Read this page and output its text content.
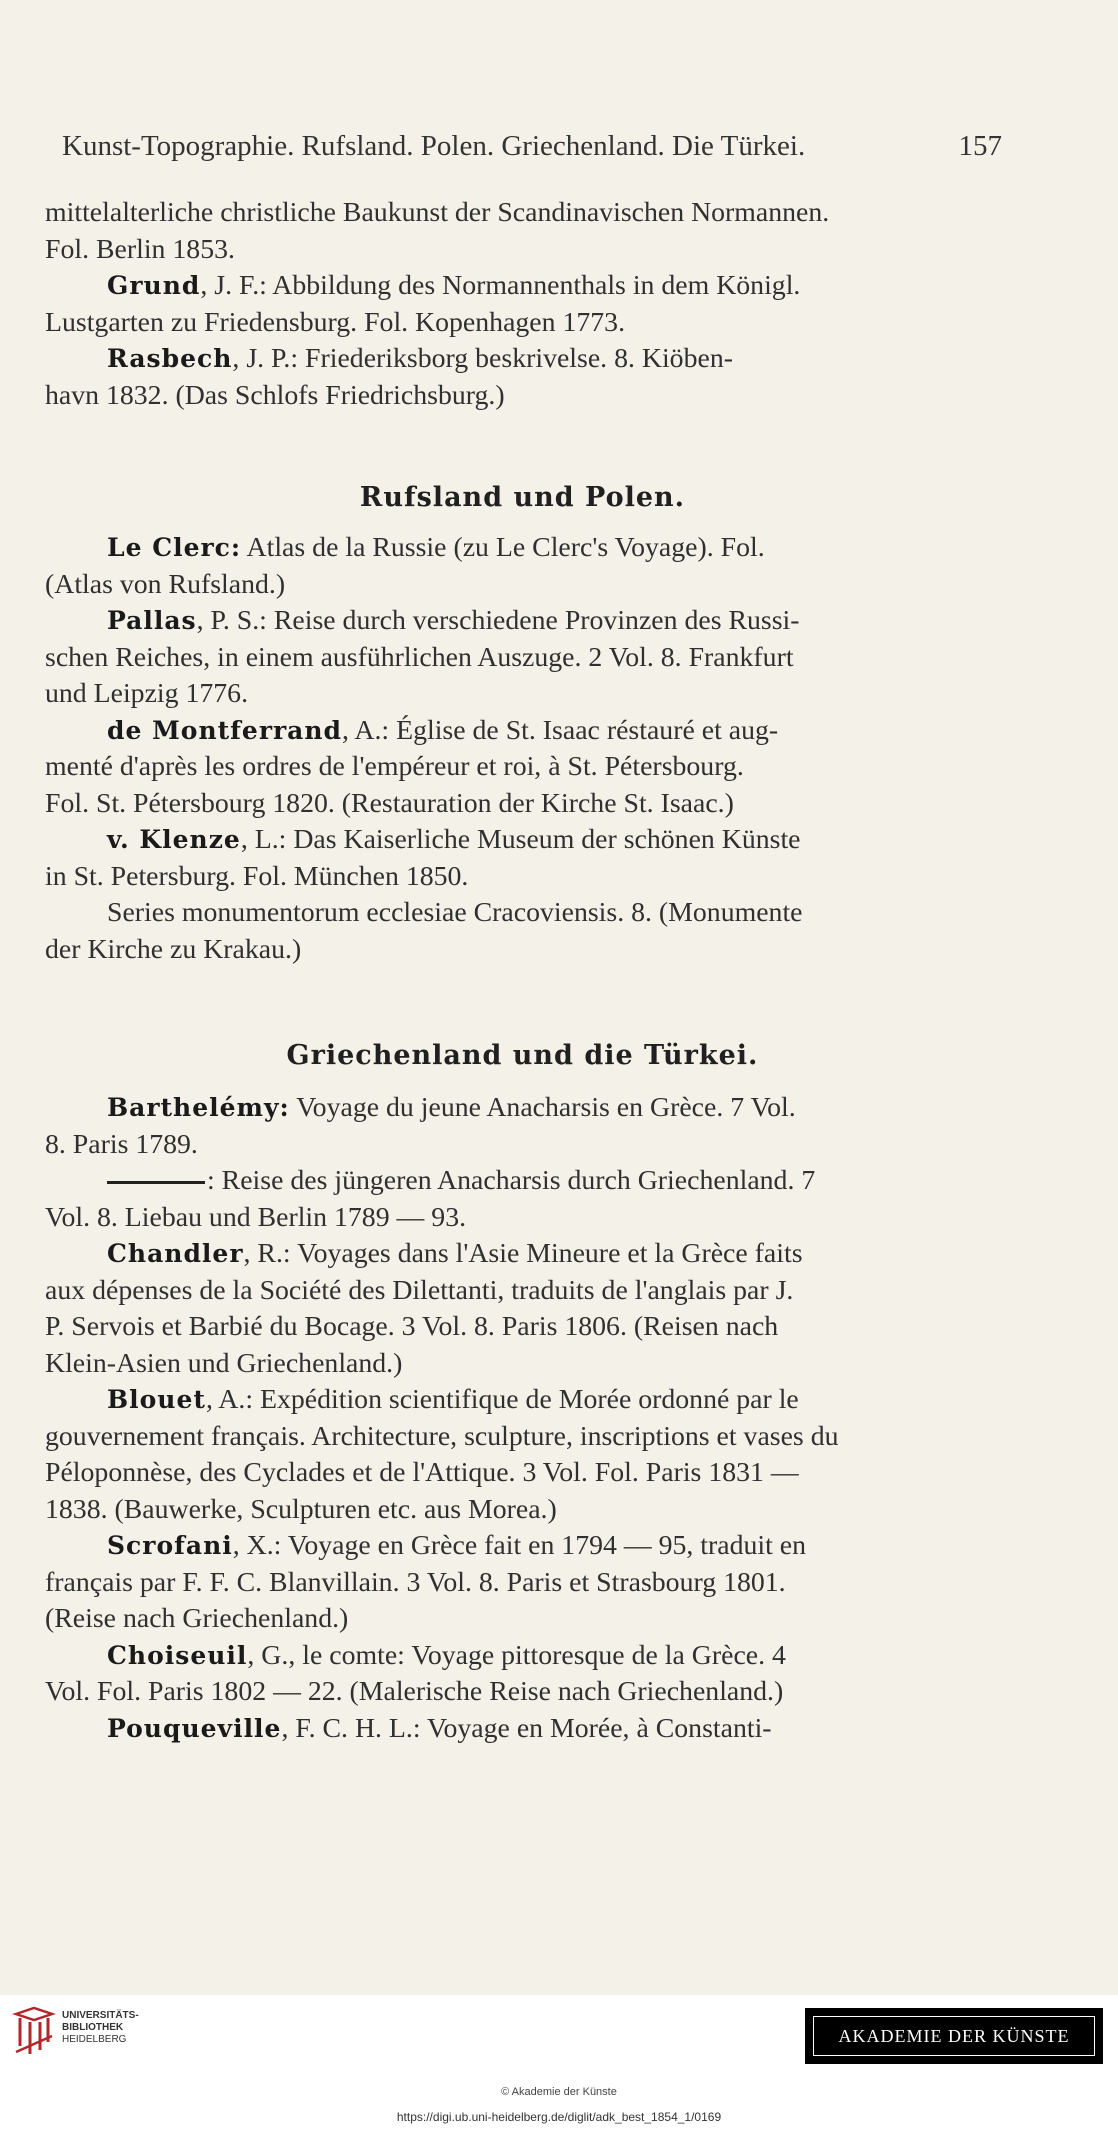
Kunst-Topographie. Rufsland. Polen. Griechenland. Die Türkei.	157
mittelalterliche christliche Baukunst der Scandinavischen Normannen.
Fol. Berlin 1853.
Grund, J. F.: Abbildung des Normannenthals in dem Königl.
Lustgarten zu Friedensburg. Fol. Kopenhagen 1773.
Rasbech, J. P.: Friederiksborg beskrivelse. 8. Kiöben-
havn 1832. (Das Schlofs Friedrichsburg.)
Rufsland und Polen.
Le Clerc: Atlas de la Russie (zu Le Clerc's Voyage). Fol.
(Atlas von Rufsland.)
Pallas, P. S.: Reise durch verschiedene Provinzen des Russi-
schen Reiches, in einem ausführlichen Auszuge. 2 Vol. 8. Frankfurt
und Leipzig 1776.
de Montferrand, A.: Église de St. Isaac réstauré et aug-
menté d'après les ordres de l'empéreur et roi, à St. Pétersbourg.
Fol. St. Pétersbourg 1820. (Restauration der Kirche St. Isaac.)
v. Klenze, L.: Das Kaiserliche Museum der schönen Künste
in St. Petersburg. Fol. München 1850.
Series monumentorum ecclesiae Cracoviensis. 8. (Monumente
der Kirche zu Krakau.)
Griechenland und die Türkei.
Barthelémy: Voyage du jeune Anacharsis en Grèce. 7 Vol.
8. Paris 1789.
: Reise des jüngeren Anacharsis durch Griechenland. 7
Vol. 8. Liebau und Berlin 1789 — 93.
Chandler, R.: Voyages dans l'Asie Mineure et la Grèce faits
aux dépenses de la Société des Dilettanti, traduits de l'anglais par J.
P. Servois et Barbié du Bocage. 3 Vol. 8. Paris 1806. (Reisen nach
Klein-Asien und Griechenland.)
Blouet, A.: Expédition scientifique de Morée ordonné par le
gouvernement français. Architecture, sculpture, inscriptions et vases du
Péloponnèse, des Cyclades et de l'Attique. 3 Vol. Fol. Paris 1831 —
1838. (Bauwerke, Sculpturen etc. aus Morea.)
Scrofani, X.: Voyage en Grèce fait en 1794 — 95, traduit en
français par F. F. C. Blanvillain. 3 Vol. 8. Paris et Strasbourg 1801.
(Reise nach Griechenland.)
Choiseuil, G., le comte: Voyage pittoresque de la Grèce. 4
Vol. Fol. Paris 1802 — 22. (Malerische Reise nach Griechenland.)
Pouqueville, F. C. H. L.: Voyage en Morée, à Constanti-
UNIVERSITÄTS-
BIBLIOTHEK
HEIDELBERG	AKADEMIE DER KÜNSTE
© Akademie der Künste
https://digi.ub.uni-heidelberg.de/diglit/adk_best_1854_1/0169
